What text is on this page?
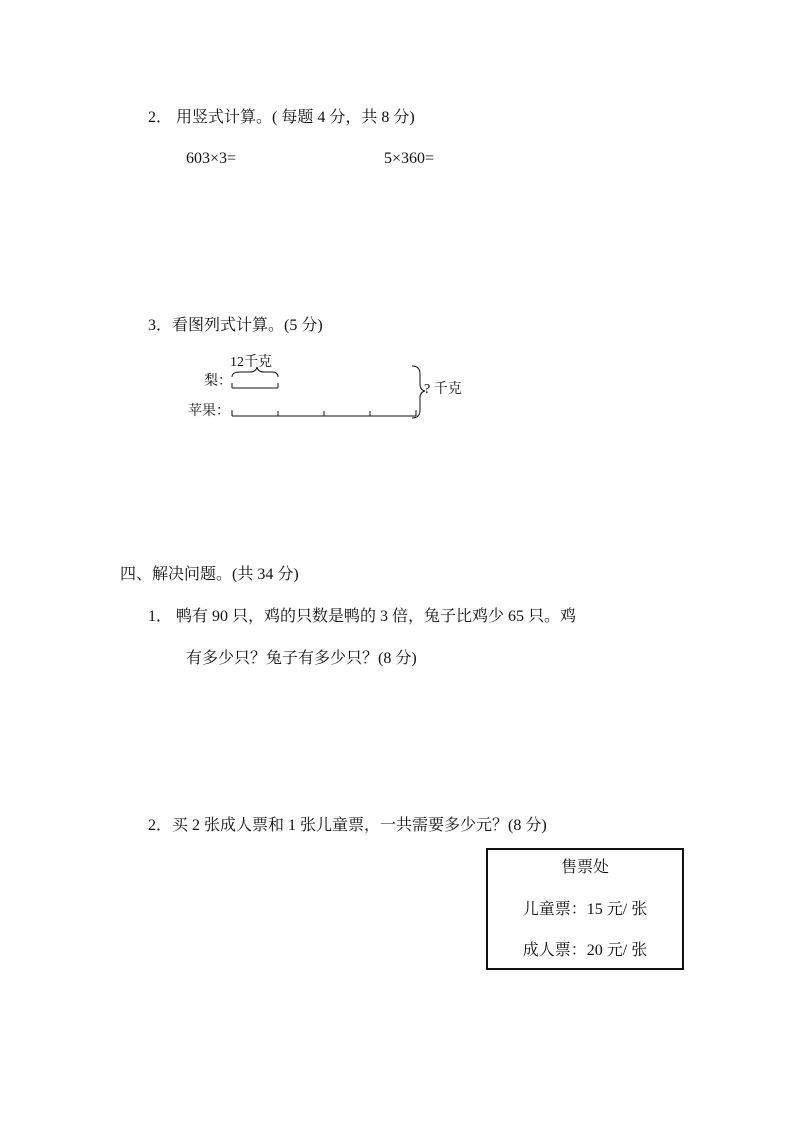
2． 用竖式计算。( 每题 4 分，共 8 分)
603×3=	5×360=
3．看图列式计算。(5 分)
12千克
梨：
苹果：
? 千克
四、解决问题。(共 34 分)
1． 鸭有 90 只，鸡的只数是鸭的 3 倍，兔子比鸡少 65 只。鸡
有多少只？兔子有多少只？(8 分)
2．买 2 张成人票和 1 张儿童票，一共需要多少元？(8 分)
售票处
儿童票：15 元/ 张
成人票：20 元/ 张
